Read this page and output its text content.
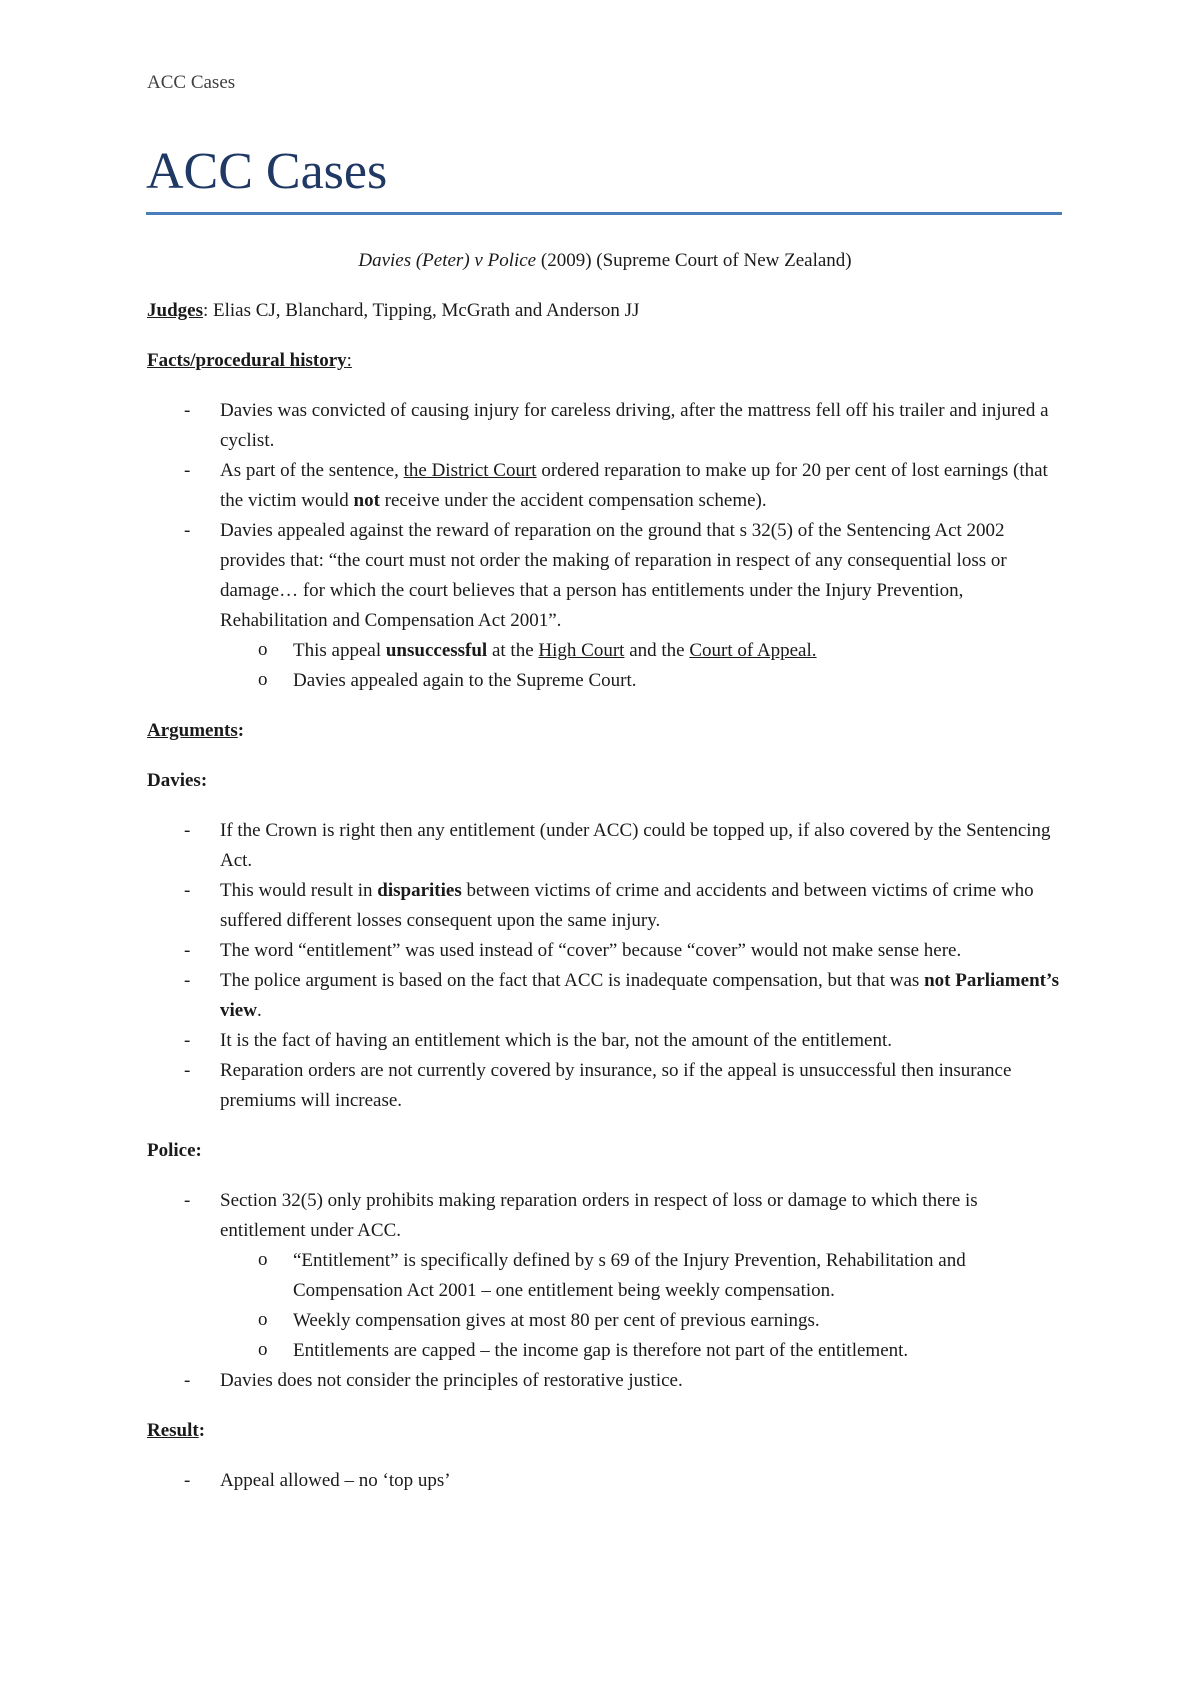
ACC Cases
ACC Cases

Davies (Peter) v Police (2009) (Supreme Court of New Zealand)

Judges: Elias CJ, Blanchard, Tipping, McGrath and Anderson JJ

Facts/procedural history:

- Davies was convicted of causing injury for careless driving, after the mattress fell off his trailer and injured a cyclist.
- As part of the sentence, the District Court ordered reparation to make up for 20 per cent of lost earnings (that the victim would not receive under the accident compensation scheme).
- Davies appealed against the reward of reparation on the ground that s 32(5) of the Sentencing Act 2002 provides that: “the court must not order the making of reparation in respect of any consequential loss or damage… for which the court believes that a person has entitlements under the Injury Prevention, Rehabilitation and Compensation Act 2001”.
o This appeal unsuccessful at the High Court and the Court of Appeal.
o Davies appealed again to the Supreme Court.

Arguments:

Davies:

- If the Crown is right then any entitlement (under ACC) could be topped up, if also covered by the Sentencing Act.
- This would result in disparities between victims of crime and accidents and between victims of crime who suffered different losses consequent upon the same injury.
- The word “entitlement” was used instead of “cover” because “cover” would not make sense here.
- The police argument is based on the fact that ACC is inadequate compensation, but that was not Parliament’s view.
- It is the fact of having an entitlement which is the bar, not the amount of the entitlement.
- Reparation orders are not currently covered by insurance, so if the appeal is unsuccessful then insurance premiums will increase.

Police:

- Section 32(5) only prohibits making reparation orders in respect of loss or damage to which there is entitlement under ACC.
o “Entitlement” is specifically defined by s 69 of the Injury Prevention, Rehabilitation and Compensation Act 2001 – one entitlement being weekly compensation.
o Weekly compensation gives at most 80 per cent of previous earnings.
o Entitlements are capped – the income gap is therefore not part of the entitlement.
- Davies does not consider the principles of restorative justice.

Result:

- Appeal allowed – no ‘top ups’
